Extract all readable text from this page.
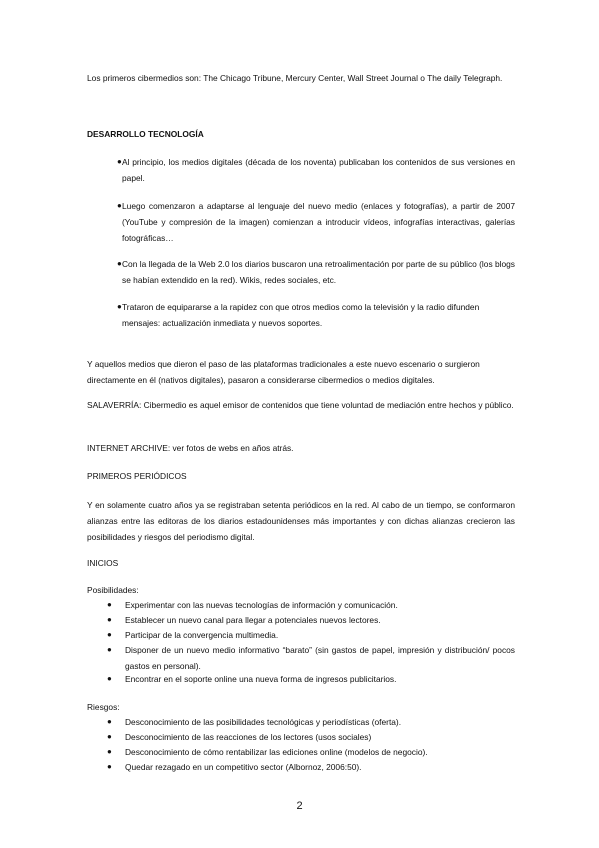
Los primeros cibermedios son: The Chicago Tribune, Mercury Center, Wall Street Journal o The daily Telegraph.

DESARROLLO TECNOLOGÍA

● Al principio, los medios digitales (década de los noventa) publicaban los contenidos de sus versiones en papel.

● Luego comenzaron a adaptarse al lenguaje del nuevo medio (enlaces y fotografías), a partir de 2007 (YouTube y compresión de la imagen) comienzan a introducir vídeos, infografías interactivas, galerías fotográficas…

● Con la llegada de la Web 2.0 los diarios buscaron una retroalimentación por parte de su público (los blogs se habían extendido en la red). Wikis, redes sociales, etc.

● Trataron de equipararse a la rapidez con que otros medios como la televisión y la radio difunden mensajes: actualización inmediata y nuevos soportes.

Y aquellos medios que dieron el paso de las plataformas tradicionales a este nuevo escenario o surgieron directamente en él (nativos digitales), pasaron a considerarse cibermedios o medios digitales.

SALAVERRÍA: Cibermedio es aquel emisor de contenidos que tiene voluntad de mediación entre hechos y público.

INTERNET ARCHIVE: ver fotos de webs en años atrás.

PRIMEROS PERIÓDICOS

Y en solamente cuatro años ya se registraban setenta periódicos en la red. Al cabo de un tiempo, se conformaron alianzas entre las editoras de los diarios estadounidenses más importantes y con dichas alianzas crecieron las posibilidades y riesgos del periodismo digital.

INICIOS

Posibilidades:

● Experimentar con las nuevas tecnologías de información y comunicación.

● Establecer un nuevo canal para llegar a potenciales nuevos lectores.

● Participar de la convergencia multimedia.

● Disponer de un nuevo medio informativo “barato” (sin gastos de papel, impresión y distribución/ pocos gastos en personal).

● Encontrar en el soporte online una nueva forma de ingresos publicitarios.

Riesgos:

● Desconocimiento de las posibilidades tecnológicas y periodísticas (oferta).

● Desconocimiento de las reacciones de los lectores (usos sociales)

● Desconocimiento de cómo rentabilizar las ediciones online (modelos de negocio).

● Quedar rezagado en un competitivo sector (Albornoz, 2006:50).

2
